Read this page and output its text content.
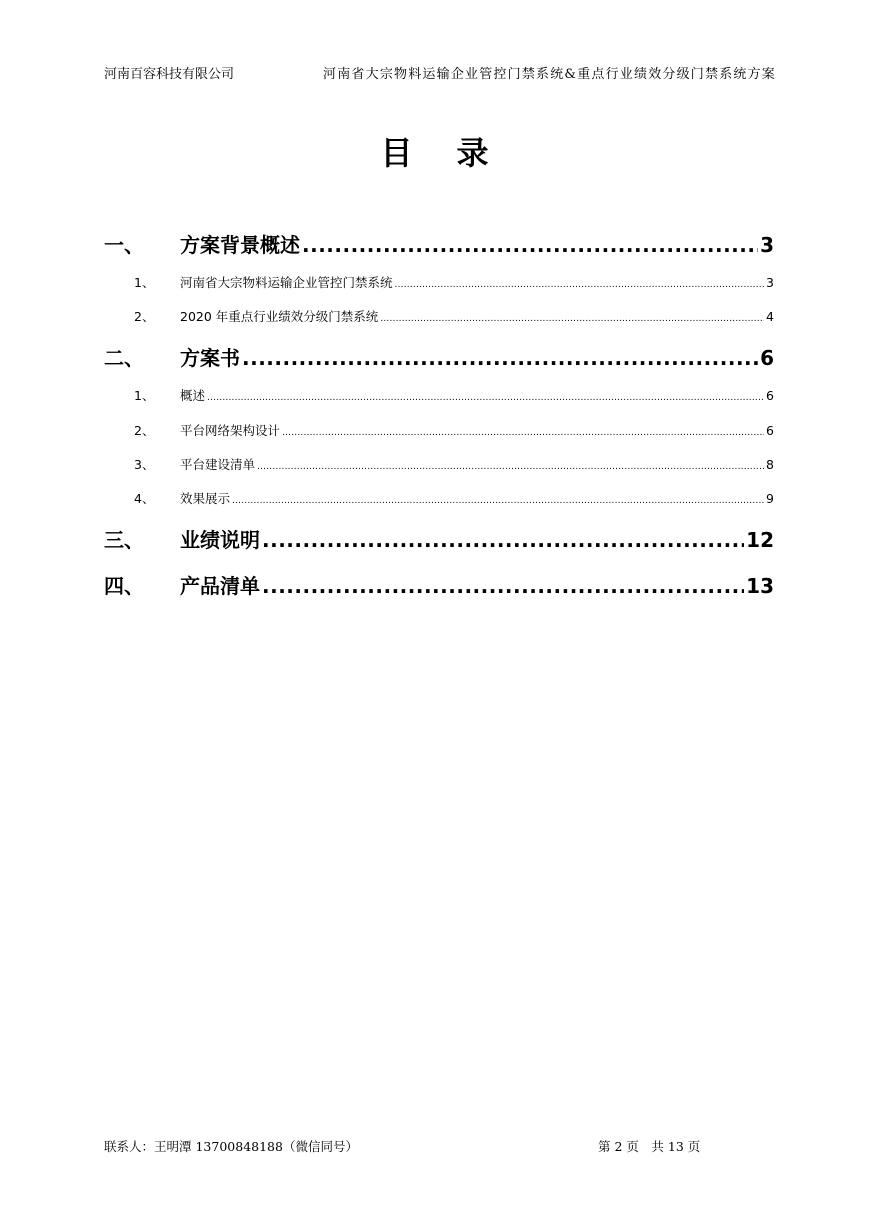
河南百容科技有限公司	河南省大宗物料运输企业管控门禁系统&重点行业绩效分级门禁系统方案
目 录
一、	方案背景概述 .....	3
1、	河南省大宗物料运输企业管控门禁系统 .....	3
2、	2020 年重点行业绩效分级门禁系统 .....	4
二、	方案书 .....	6
1、	概述 .....	6
2、	平台网络架构设计 .....	6
3、	平台建设清单 .....	8
4、	效果展示 .....	9
三、	业绩说明 .....	12
四、	产品清单 .....	13
联系人：王明潭 13700848188（微信同号）	第 2 页　共 13 页
